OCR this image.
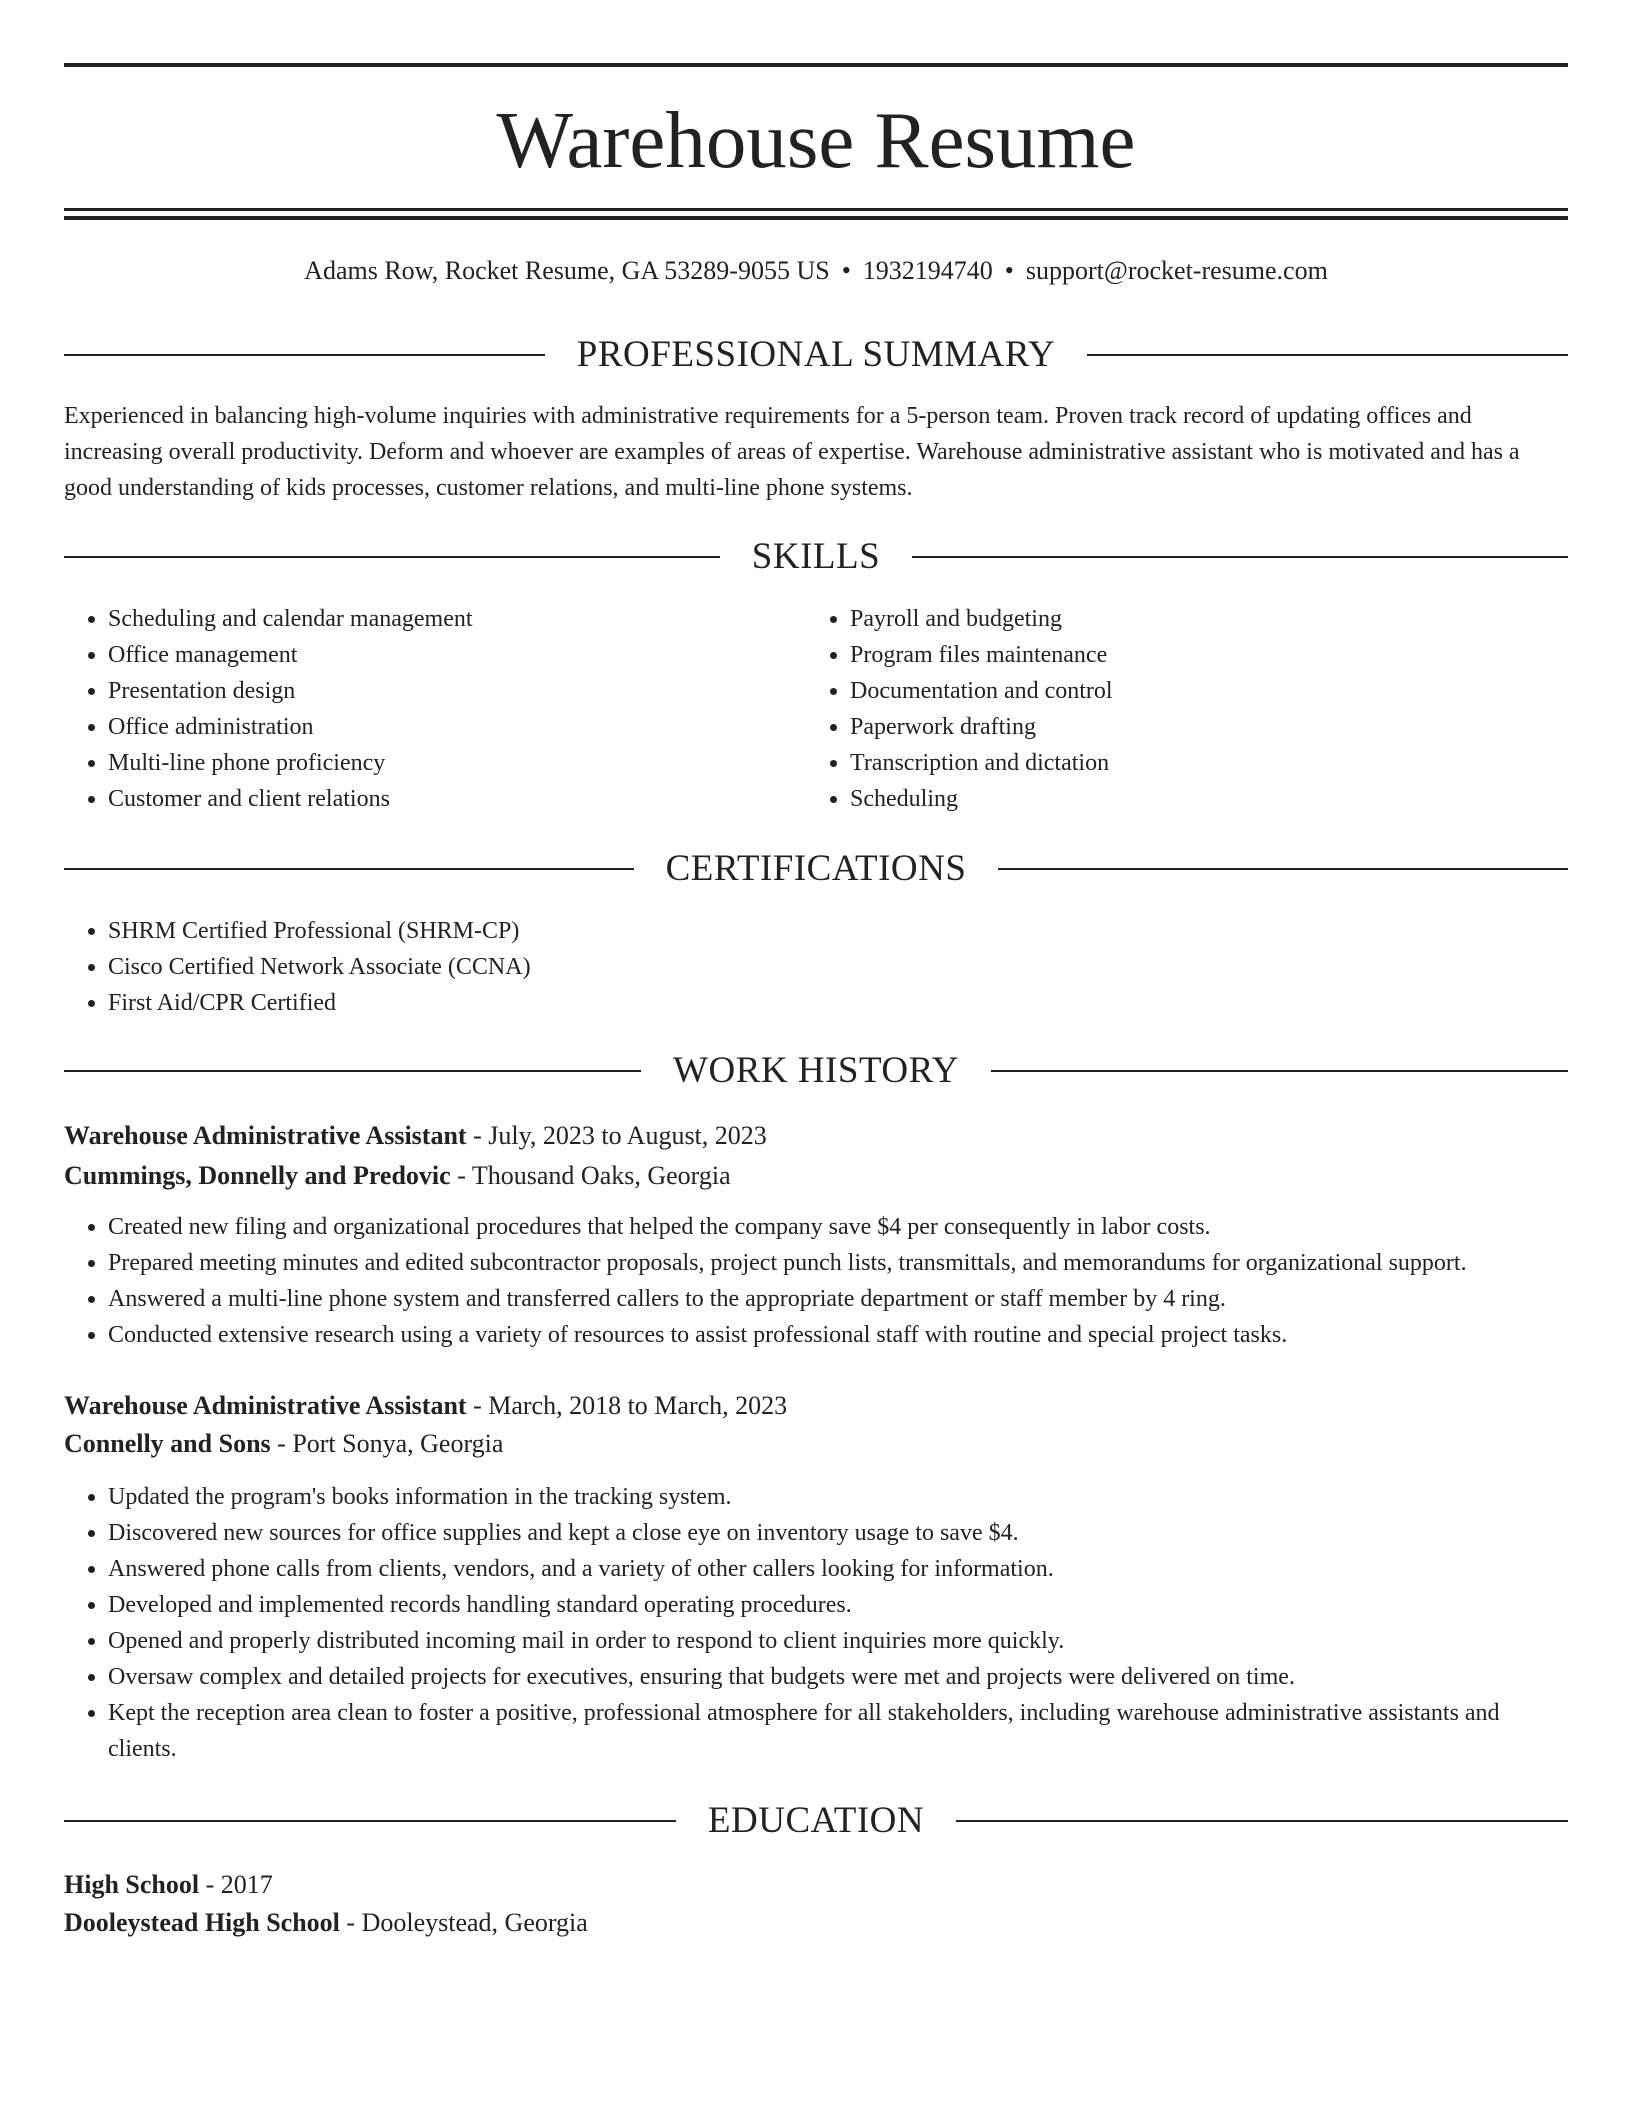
Warehouse Resume
Adams Row, Rocket Resume, GA 53289-9055 US • 1932194740 • support@rocket-resume.com
PROFESSIONAL SUMMARY

Experienced in balancing high-volume inquiries with administrative requirements for a 5-person team. Proven track record of updating offices and increasing overall productivity. Deform and whoever are examples of areas of expertise. Warehouse administrative assistant who is motivated and has a good understanding of kids processes, customer relations, and multi-line phone systems.

SKILLS
• Scheduling and calendar management
• Office management
• Presentation design
• Office administration
• Multi-line phone proficiency
• Customer and client relations
• Payroll and budgeting
• Program files maintenance
• Documentation and control
• Paperwork drafting
• Transcription and dictation
• Scheduling
CERTIFICATIONS
• SHRM Certified Professional (SHRM-CP)
• Cisco Certified Network Associate (CCNA)
• First Aid/CPR Certified
WORK HISTORY
Warehouse Administrative Assistant - July, 2023 to August, 2023
Cummings, Donnelly and Predovic - Thousand Oaks, Georgia
• Created new filing and organizational procedures that helped the company save $4 per consequently in labor costs.
• Prepared meeting minutes and edited subcontractor proposals, project punch lists, transmittals, and memorandums for organizational support.
• Answered a multi-line phone system and transferred callers to the appropriate department or staff member by 4 ring.
• Conducted extensive research using a variety of resources to assist professional staff with routine and special project tasks.
Warehouse Administrative Assistant - March, 2018 to March, 2023
Connelly and Sons - Port Sonya, Georgia
• Updated the program's books information in the tracking system.
• Discovered new sources for office supplies and kept a close eye on inventory usage to save $4.
• Answered phone calls from clients, vendors, and a variety of other callers looking for information.
• Developed and implemented records handling standard operating procedures.
• Opened and properly distributed incoming mail in order to respond to client inquiries more quickly.
• Oversaw complex and detailed projects for executives, ensuring that budgets were met and projects were delivered on time.
• Kept the reception area clean to foster a positive, professional atmosphere for all stakeholders, including warehouse administrative assistants and clients.
EDUCATION
High School - 2017
Dooleystead High School - Dooleystead, Georgia
